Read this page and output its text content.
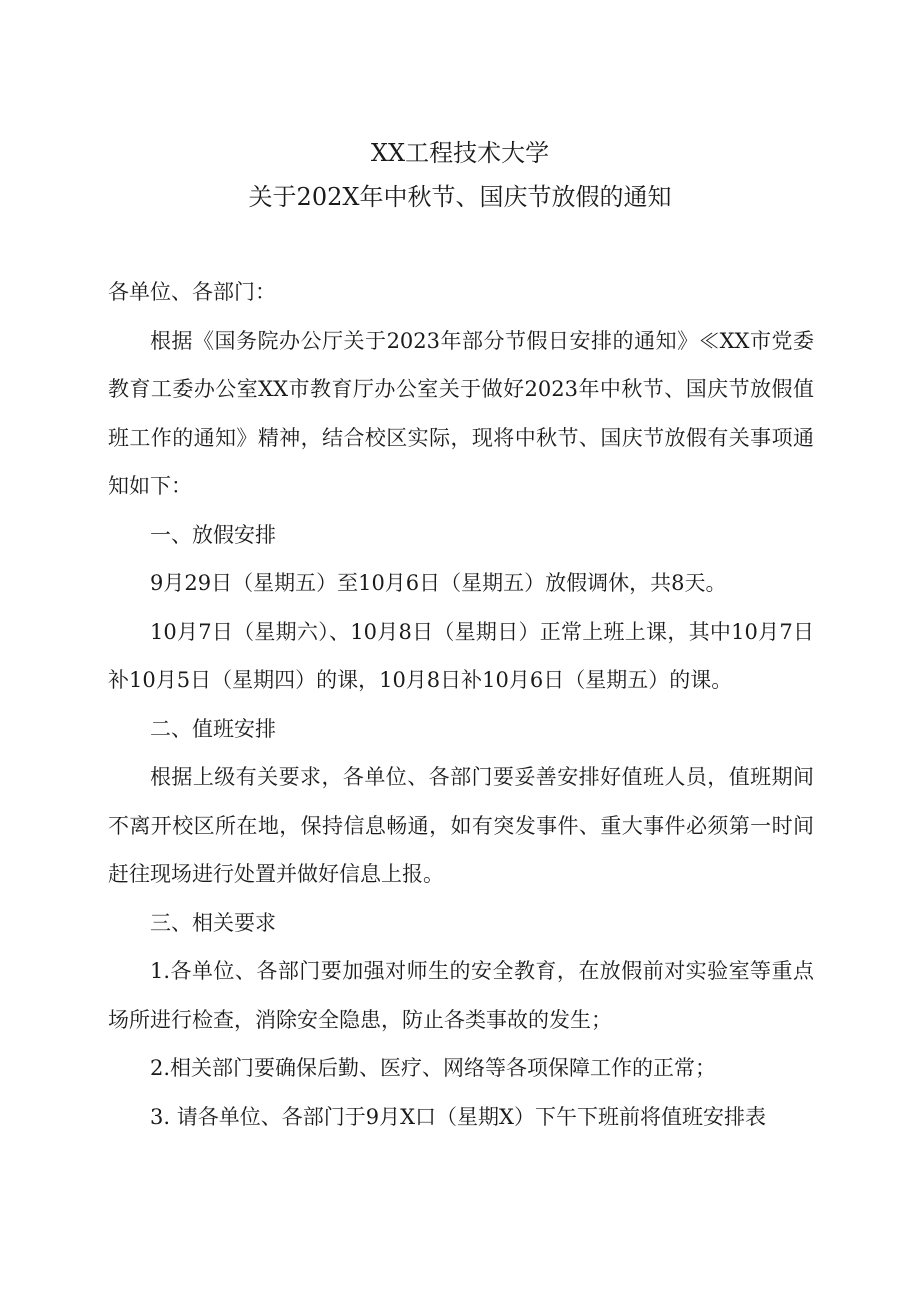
XX工程技术大学
关于202X年中秋节、国庆节放假的通知

各单位、各部门：

根据《国务院办公厅关于2023年部分节假日安排的通知》≪XX市党委教育工委办公室XX市教育厅办公室关于做好2023年中秋节、国庆节放假值班工作的通知》精神，结合校区实际，现将中秋节、国庆节放假有关事项通知如下：

一、放假安排

9月29日（星期五）至10月6日（星期五）放假调休，共8天。

10月7日（星期六）、10月8日（星期日）正常上班上课，其中10月7日补10月5日（星期四）的课，10月8日补10月6日（星期五）的课。

二、值班安排

根据上级有关要求，各单位、各部门要妥善安排好值班人员，值班期间不离开校区所在地，保持信息畅通，如有突发事件、重大事件必须第一时间赶往现场进行处置并做好信息上报。

三、相关要求

1.各单位、各部门要加强对师生的安全教育，在放假前对实验室等重点场所进行检查，消除安全隐患，防止各类事故的发生；

2.相关部门要确保后勤、医疗、网络等各项保障工作的正常；

3. 请各单位、各部门于9月X口（星期X）下午下班前将值班安排表
